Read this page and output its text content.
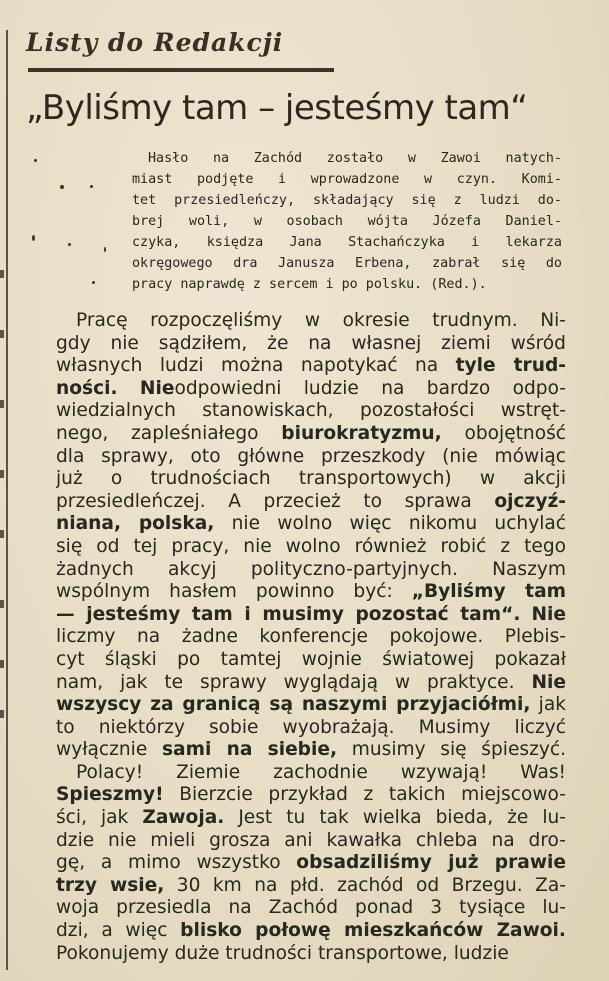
Listy do Redakcji
„Byliśmy tam – jesteśmy tam“
Hasło na Zachód zostało w Zawoi natych-
miast podjęte i wprowadzone w czyn. Komi-
tet przesiedleńczy, składający się z ludzi do-
brej woli, w osobach wójta Józefa Daniel-
czyka, księdza Jana Stachańczyka i lekarza
okręgowego dra Janusza Erbena, zabrał się do
pracy naprawdę z sercem i po polsku. (Red.).
Pracę rozpoczęliśmy w okresie trudnym. Ni-
gdy nie sądziłem, że na własnej ziemi wśród
własnych ludzi można napotykać na tyle trud-
ności. Nieodpowiedni ludzie na bardzo odpo-
wiedzialnych stanowiskach, pozostałości wstręt-
nego, zapleśniałego biurokratyzmu, obojętność
dla sprawy, oto główne przeszkody (nie mówiąc
już o trudnościach transportowych) w akcji
przesiedleńczej. A przecież to sprawa ojczyź-
niana, polska, nie wolno więc nikomu uchylać
się od tej pracy, nie wolno również robić z tego
żadnych akcyj polityczno-partyjnych. Naszym
wspólnym hasłem powinno być: „Byliśmy tam
— jesteśmy tam i musimy pozostać tam“. Nie
liczmy na żadne konferencje pokojowe. Plebis-
cyt śląski po tamtej wojnie światowej pokazał
nam, jak te sprawy wyglądają w praktyce. Nie
wszyscy za granicą są naszymi przyjaciółmi, jak
to niektórzy sobie wyobrażają. Musimy liczyć
wyłącznie sami na siebie, musimy się śpieszyć.
Polacy! Ziemie zachodnie wzywają! Was!
Spieszmy! Bierzcie przykład z takich miejscowo-
ści, jak Zawoja. Jest tu tak wielka bieda, że lu-
dzie nie mieli grosza ani kawałka chleba na dro-
gę, a mimo wszystko obsadziliśmy już prawie
trzy wsie, 30 km na płd. zachód od Brzegu. Za-
woja przesiedla na Zachód ponad 3 tysiące lu-
dzi, a więc blisko połowę mieszkańców Zawoi.
Pokonujemy duże trudności transportowe, ludzie
